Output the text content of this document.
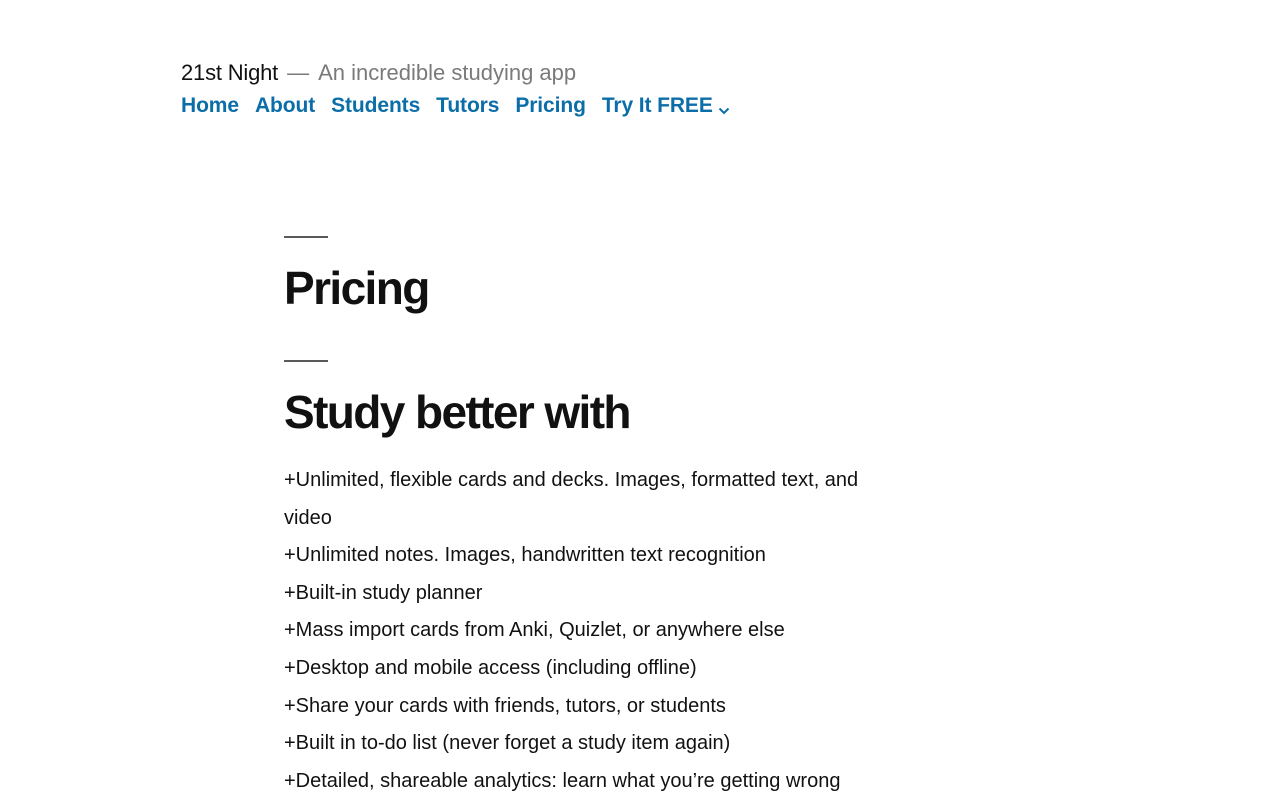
21st Night — An incredible studying app
Home About Students Tutors Pricing Try It FREE
Pricing
Study better with

+Unlimited, flexible cards and decks. Images, formatted text, and video

+Unlimited notes. Images, handwritten text recognition

+Built-in study planner

+Mass import cards from Anki, Quizlet, or anywhere else

+Desktop and mobile access (including offline)

+Share your cards with friends, tutors, or students

+Built in to-do list (never forget a study item again)

+Detailed, shareable analytics: learn what you’re getting wrong
